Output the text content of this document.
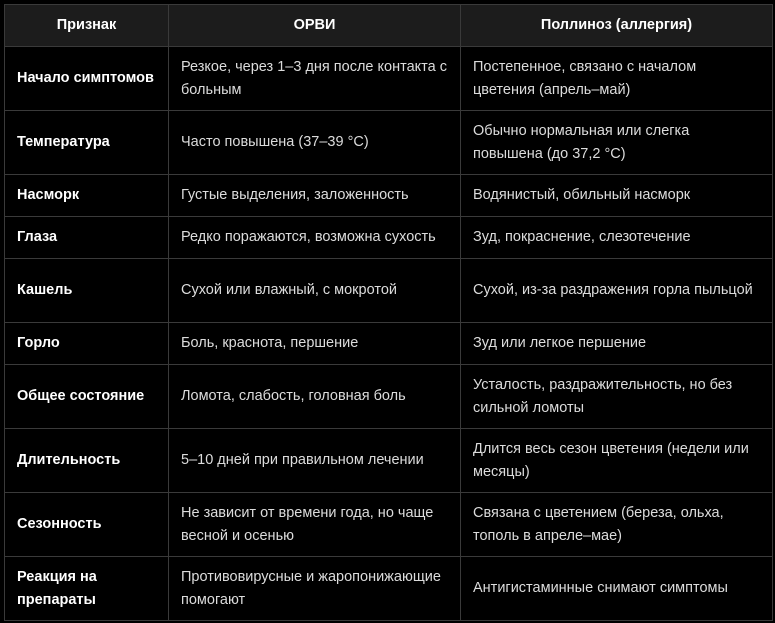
Признак	ОРВИ	Поллиноз (аллергия)
Начало симптомов	Резкое, через 1–3 дня после контакта с больным	Постепенное, связано с началом цветения (апрель–май)
Температура	Часто повышена (37–39 °C)	Обычно нормальная или слегка повышена (до 37,2 °C)
Насморк	Густые выделения, заложенность	Водянистый, обильный насморк
Глаза	Редко поражаются, возможна сухость	Зуд, покраснение, слезотечение
Кашель	Сухой или влажный, с мокротой	Сухой, из-за раздражения горла пыльцой
Горло	Боль, краснота, першение	Зуд или легкое першение
Общее состояние	Ломота, слабость, головная боль	Усталость, раздражительность, но без сильной ломоты
Длительность	5–10 дней при правильном лечении	Длится весь сезон цветения (недели или месяцы)
Сезонность	Не зависит от времени года, но чаще весной и осенью	Связана с цветением (береза, ольха, тополь в апреле–мае)
Реакция на препараты	Противовирусные и жаропонижающие помогают	Антигистаминные снимают симптомы
